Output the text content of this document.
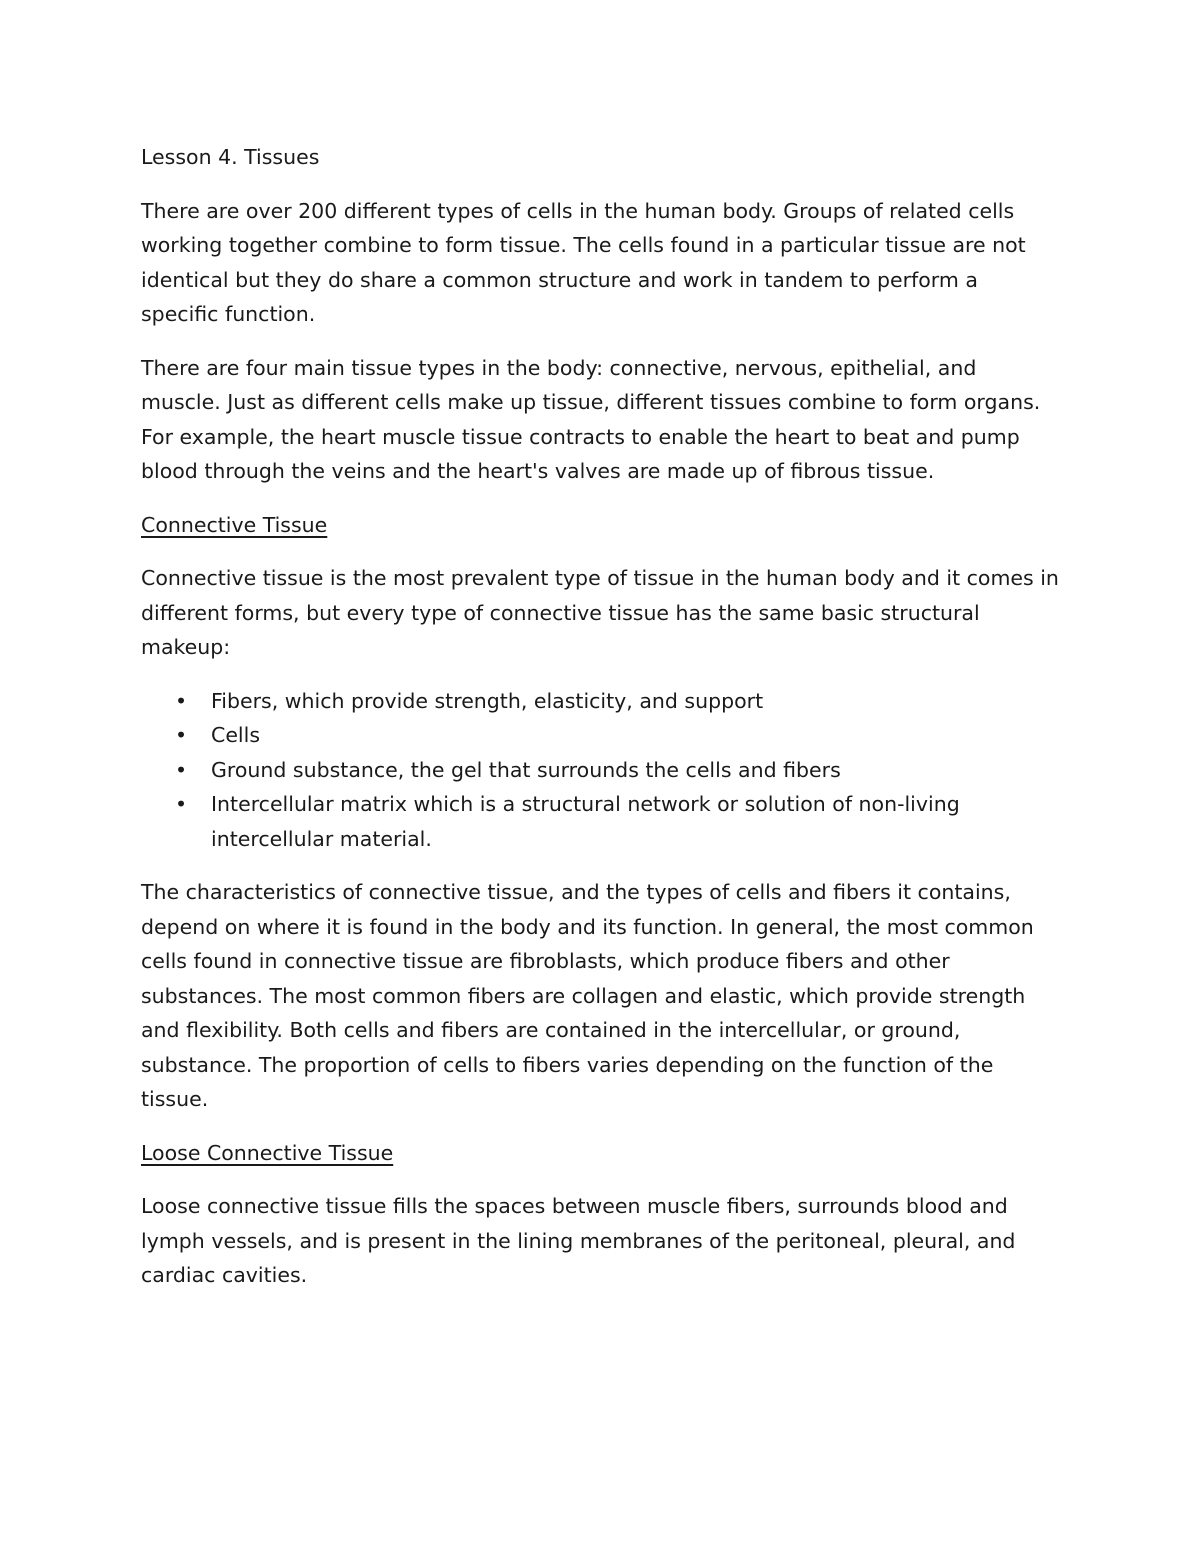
Lesson 4. Tissues

There are over 200 different types of cells in the human body. Groups of related cells working together combine to form tissue. The cells found in a particular tissue are not identical but they do share a common structure and work in tandem to perform a specific function.

There are four main tissue types in the body: connective, nervous, epithelial, and muscle. Just as different cells make up tissue, different tissues combine to form organs. For example, the heart muscle tissue contracts to enable the heart to beat and pump blood through the veins and the heart's valves are made up of fibrous tissue.

Connective Tissue

Connective tissue is the most prevalent type of tissue in the human body and it comes in different forms, but every type of connective tissue has the same basic structural makeup:

• Fibers, which provide strength, elasticity, and support
• Cells
• Ground substance, the gel that surrounds the cells and fibers
• Intercellular matrix which is a structural network or solution of non-living intercellular material.

The characteristics of connective tissue, and the types of cells and fibers it contains, depend on where it is found in the body and its function. In general, the most common cells found in connective tissue are fibroblasts, which produce fibers and other substances. The most common fibers are collagen and elastic, which provide strength and flexibility. Both cells and fibers are contained in the intercellular, or ground, substance. The proportion of cells to fibers varies depending on the function of the tissue.

Loose Connective Tissue

Loose connective tissue fills the spaces between muscle fibers, surrounds blood and lymph vessels, and is present in the lining membranes of the peritoneal, pleural, and cardiac cavities.
